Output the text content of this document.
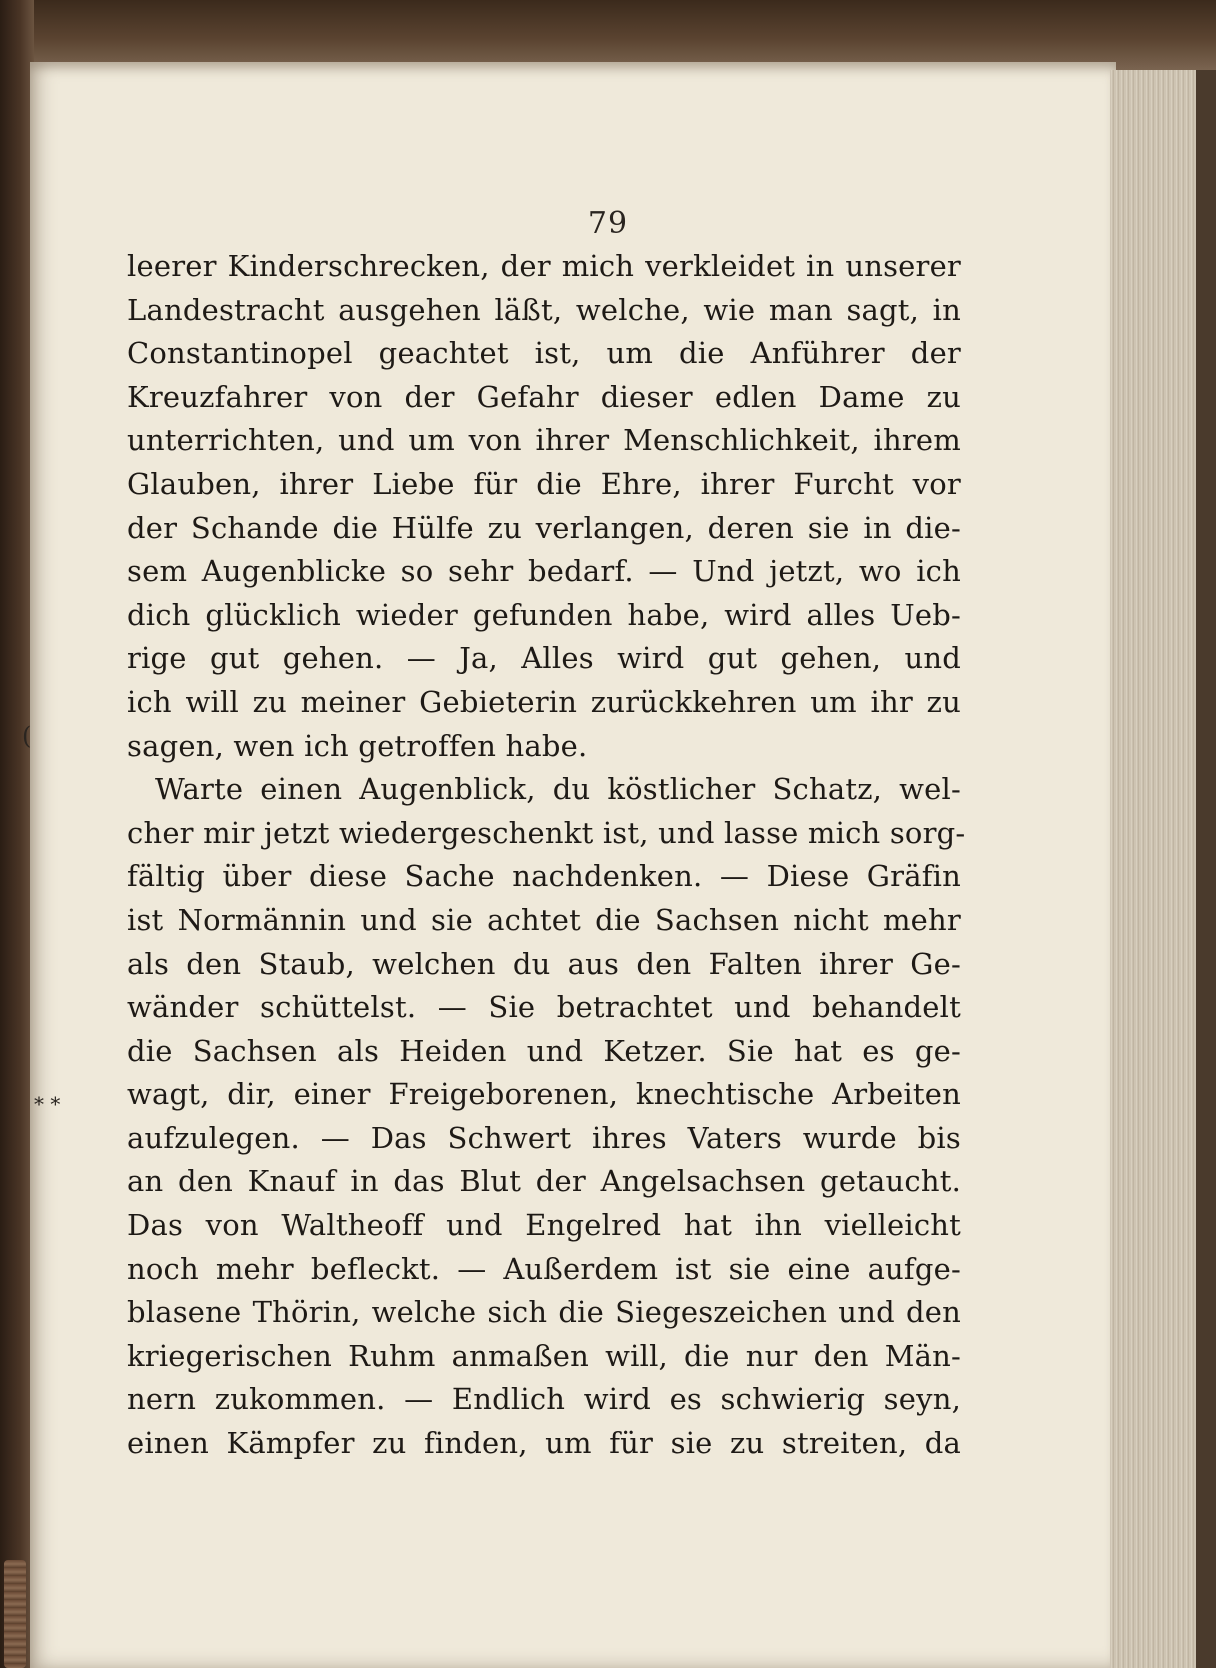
79
(
* *
leerer Kinderschrecken, der mich verkleidet in unserer
Landestracht ausgehen läßt, welche, wie man sagt, in
Constantinopel geachtet ist, um die Anführer der
Kreuzfahrer von der Gefahr dieser edlen Dame zu
unterrichten, und um von ihrer Menschlichkeit, ihrem
Glauben, ihrer Liebe für die Ehre, ihrer Furcht vor
der Schande die Hülfe zu verlangen, deren sie in die-
sem Augenblicke so sehr bedarf. — Und jetzt, wo ich
dich glücklich wieder gefunden habe, wird alles Ueb-
rige gut gehen. — Ja, Alles wird gut gehen, und
ich will zu meiner Gebieterin zurückkehren um ihr zu
sagen, wen ich getroffen habe.
Warte einen Augenblick, du köstlicher Schatz, wel-
cher mir jetzt wiedergeschenkt ist, und lasse mich sorg-
fältig über diese Sache nachdenken. — Diese Gräfin
ist Normännin und sie achtet die Sachsen nicht mehr
als den Staub, welchen du aus den Falten ihrer Ge-
wänder schüttelst. — Sie betrachtet und behandelt
die Sachsen als Heiden und Ketzer. Sie hat es ge-
wagt, dir, einer Freigeborenen, knechtische Arbeiten
aufzulegen. — Das Schwert ihres Vaters wurde bis
an den Knauf in das Blut der Angelsachsen getaucht.
Das von Waltheoff und Engelred hat ihn vielleicht
noch mehr befleckt. — Außerdem ist sie eine aufge-
blasene Thörin, welche sich die Siegeszeichen und den
kriegerischen Ruhm anmaßen will, die nur den Män-
nern zukommen. — Endlich wird es schwierig seyn,
einen Kämpfer zu finden, um für sie zu streiten, da
